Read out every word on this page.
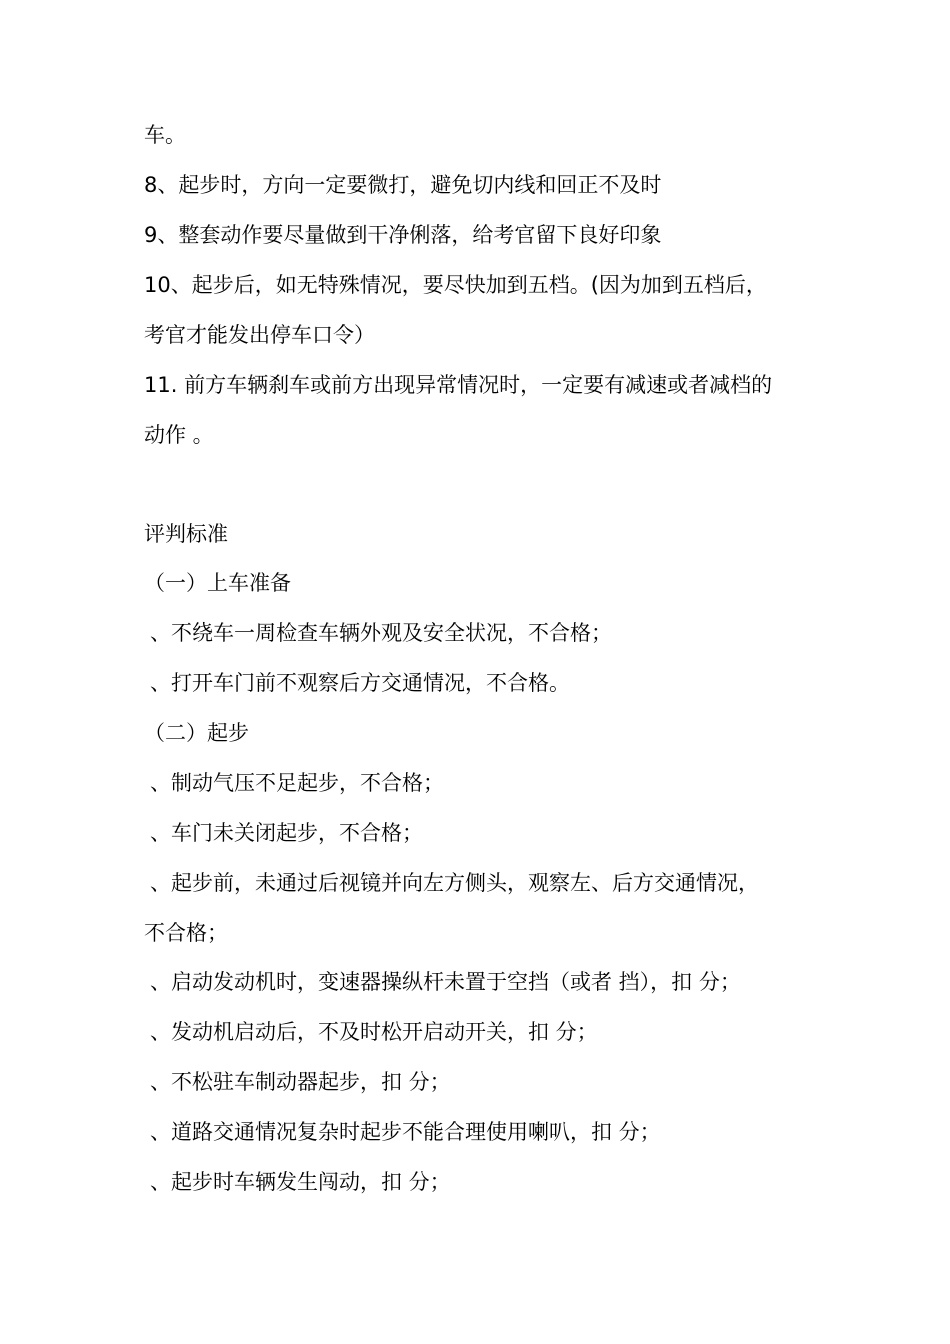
车。
8、起步时，方向一定要微打，避免切内线和回正不及时
9、整套动作要尽量做到干净俐落，给考官留下良好印象
10、起步后，如无特殊情况，要尽快加到五档。(因为加到五档后，
考官才能发出停车口令）
11. 前方车辆刹车或前方出现异常情况时，一定要有减速或者减档的
动作 。
评判标准
（一）上车准备
、不绕车一周检查车辆外观及安全状况，不合格；
、打开车门前不观察后方交通情况，不合格。
（二）起步
、制动气压不足起步，不合格；
、车门未关闭起步，不合格；
、起步前，未通过后视镜并向左方侧头，观察左、后方交通情况，
不合格；
、启动发动机时，变速器操纵杆未置于空挡（或者 挡），扣 分；
、发动机启动后，不及时松开启动开关，扣 分；
、不松驻车制动器起步，扣 分；
、道路交通情况复杂时起步不能合理使用喇叭，扣 分；
、起步时车辆发生闯动，扣 分；
